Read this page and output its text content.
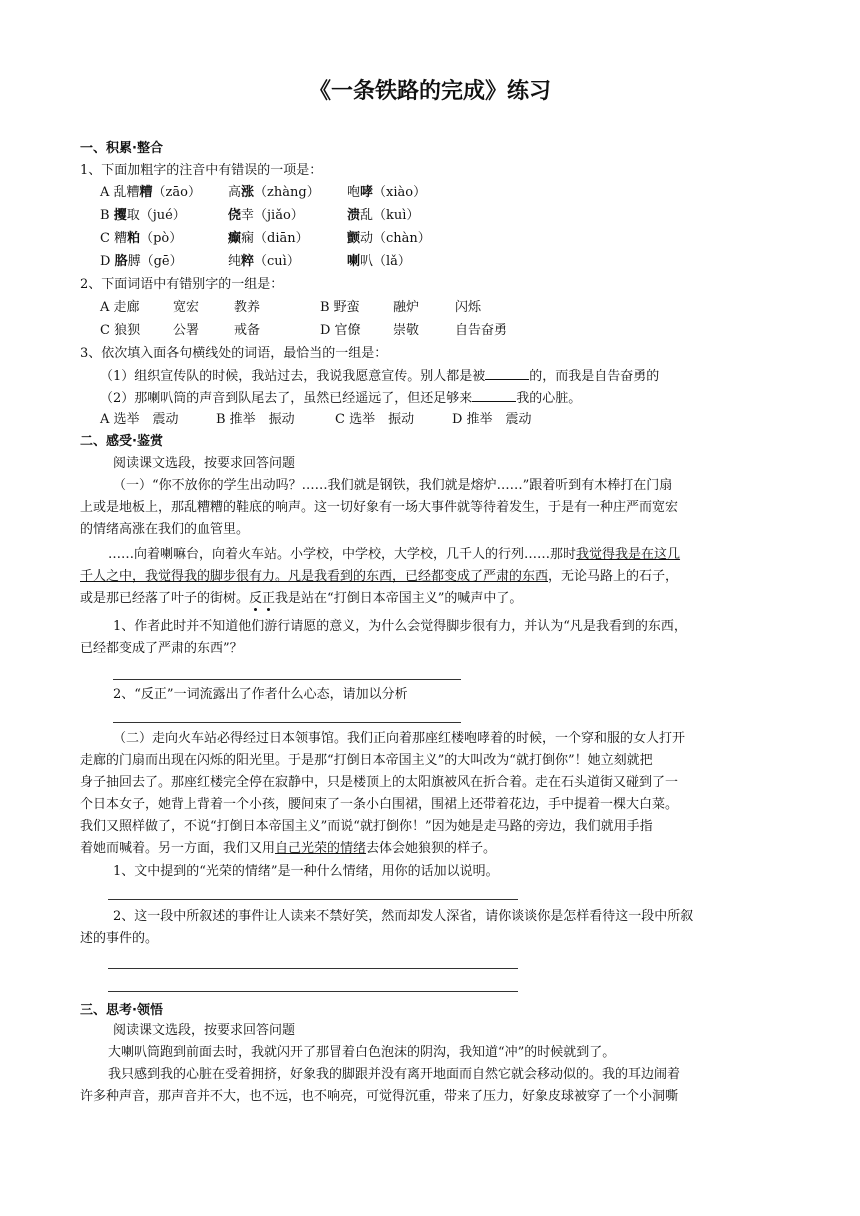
《一条铁路的完成》练习
一、积累·整合
1、下面加粗字的注音中有错误的一项是：
A 乱糟糟（zāo） 高涨（zhàng） 咆哮（xiào）
B 攫取（jué）	侥幸（jiǎo）	溃乱（kuì）
C 糟粕（pò）	癫痫（diān）	颤动（chàn）
D 胳膊（gē）	纯粹（cuì）	喇叭（lǎ）
2、下面词语中有错别字的一组是：
A 走廊	宽宏	教养	B 野蛮	融炉	闪烁
C 狼狈	公署	戒备	D 官僚 崇敬	自告奋勇
3、依次填入面各句横线处的词语，最恰当的一组是：
（1）组织宣传队的时候，我站过去，我说我愿意宣传。别人都是被	的，而我是自告奋勇的
（2）那喇叭筒的声音到队尾去了，虽然已经遥远了，但还足够来	我的心脏。
A 选举　震动	B 推举　振动	C 选举　振动	D 推举　震动
二、感受·鉴赏
阅读课文选段，按要求回答问题
（一）“你不放你的学生出动吗？……我们就是钢铁，我们就是熔炉……”跟着听到有木棒打在门扇
上或是地板上，那乱糟糟的鞋底的响声。这一切好象有一场大事件就等待着发生，于是有一种庄严而宽宏
的情绪高涨在我们的血管里。
……向着喇嘛台，向着火车站。小学校，中学校，大学校，几千人的行列……那时我觉得我是在这几
千人之中，我觉得我的脚步很有力。凡是我看到的东西，已经都变成了严肃的东西，无论马路上的石子，
或是那已经落了叶子的街树。反正我是站在“打倒日本帝国主义”的喊声中了。
1、作者此时并不知道他们游行请愿的意义，为什么会觉得脚步很有力，并认为“凡是我看到的东西，
已经都变成了严肃的东西”？
2、“反正”一词流露出了作者什么心态，请加以分析
（二）走向火车站必得经过日本领事馆。我们正向着那座红楼咆哮着的时候，一个穿和服的女人打开
走廊的门扇而出现在闪烁的阳光里。于是那“打倒日本帝国主义”的大叫改为“就打倒你”！她立刻就把
身子抽回去了。那座红楼完全停在寂静中，只是楼顶上的太阳旗被风在折合着。走在石头道街又碰到了一
个日本女子，她背上背着一个小孩，腰间束了一条小白围裙，围裙上还带着花边，手中提着一棵大白菜。
我们又照样做了，不说“打倒日本帝国主义”而说“就打倒你！”因为她是走马路的旁边，我们就用手指
着她而喊着。另一方面，我们又用自己光荣的情绪去体会她狼狈的样子。
1、文中提到的“光荣的情绪”是一种什么情绪，用你的话加以说明。
2、这一段中所叙述的事件让人读来不禁好笑，然而却发人深省，请你谈谈你是怎样看待这一段中所叙
述的事件的。
三、思考·领悟
阅读课文选段，按要求回答问题
大喇叭筒跑到前面去时，我就闪开了那冒着白色泡沫的阴沟，我知道“冲”的时候就到了。
我只感到我的心脏在受着拥挤，好象我的脚跟并没有离开地面而自然它就会移动似的。我的耳边闹着
许多种声音，那声音并不大，也不远，也不响亮，可觉得沉重，带来了压力，好象皮球被穿了一个小洞嘶
